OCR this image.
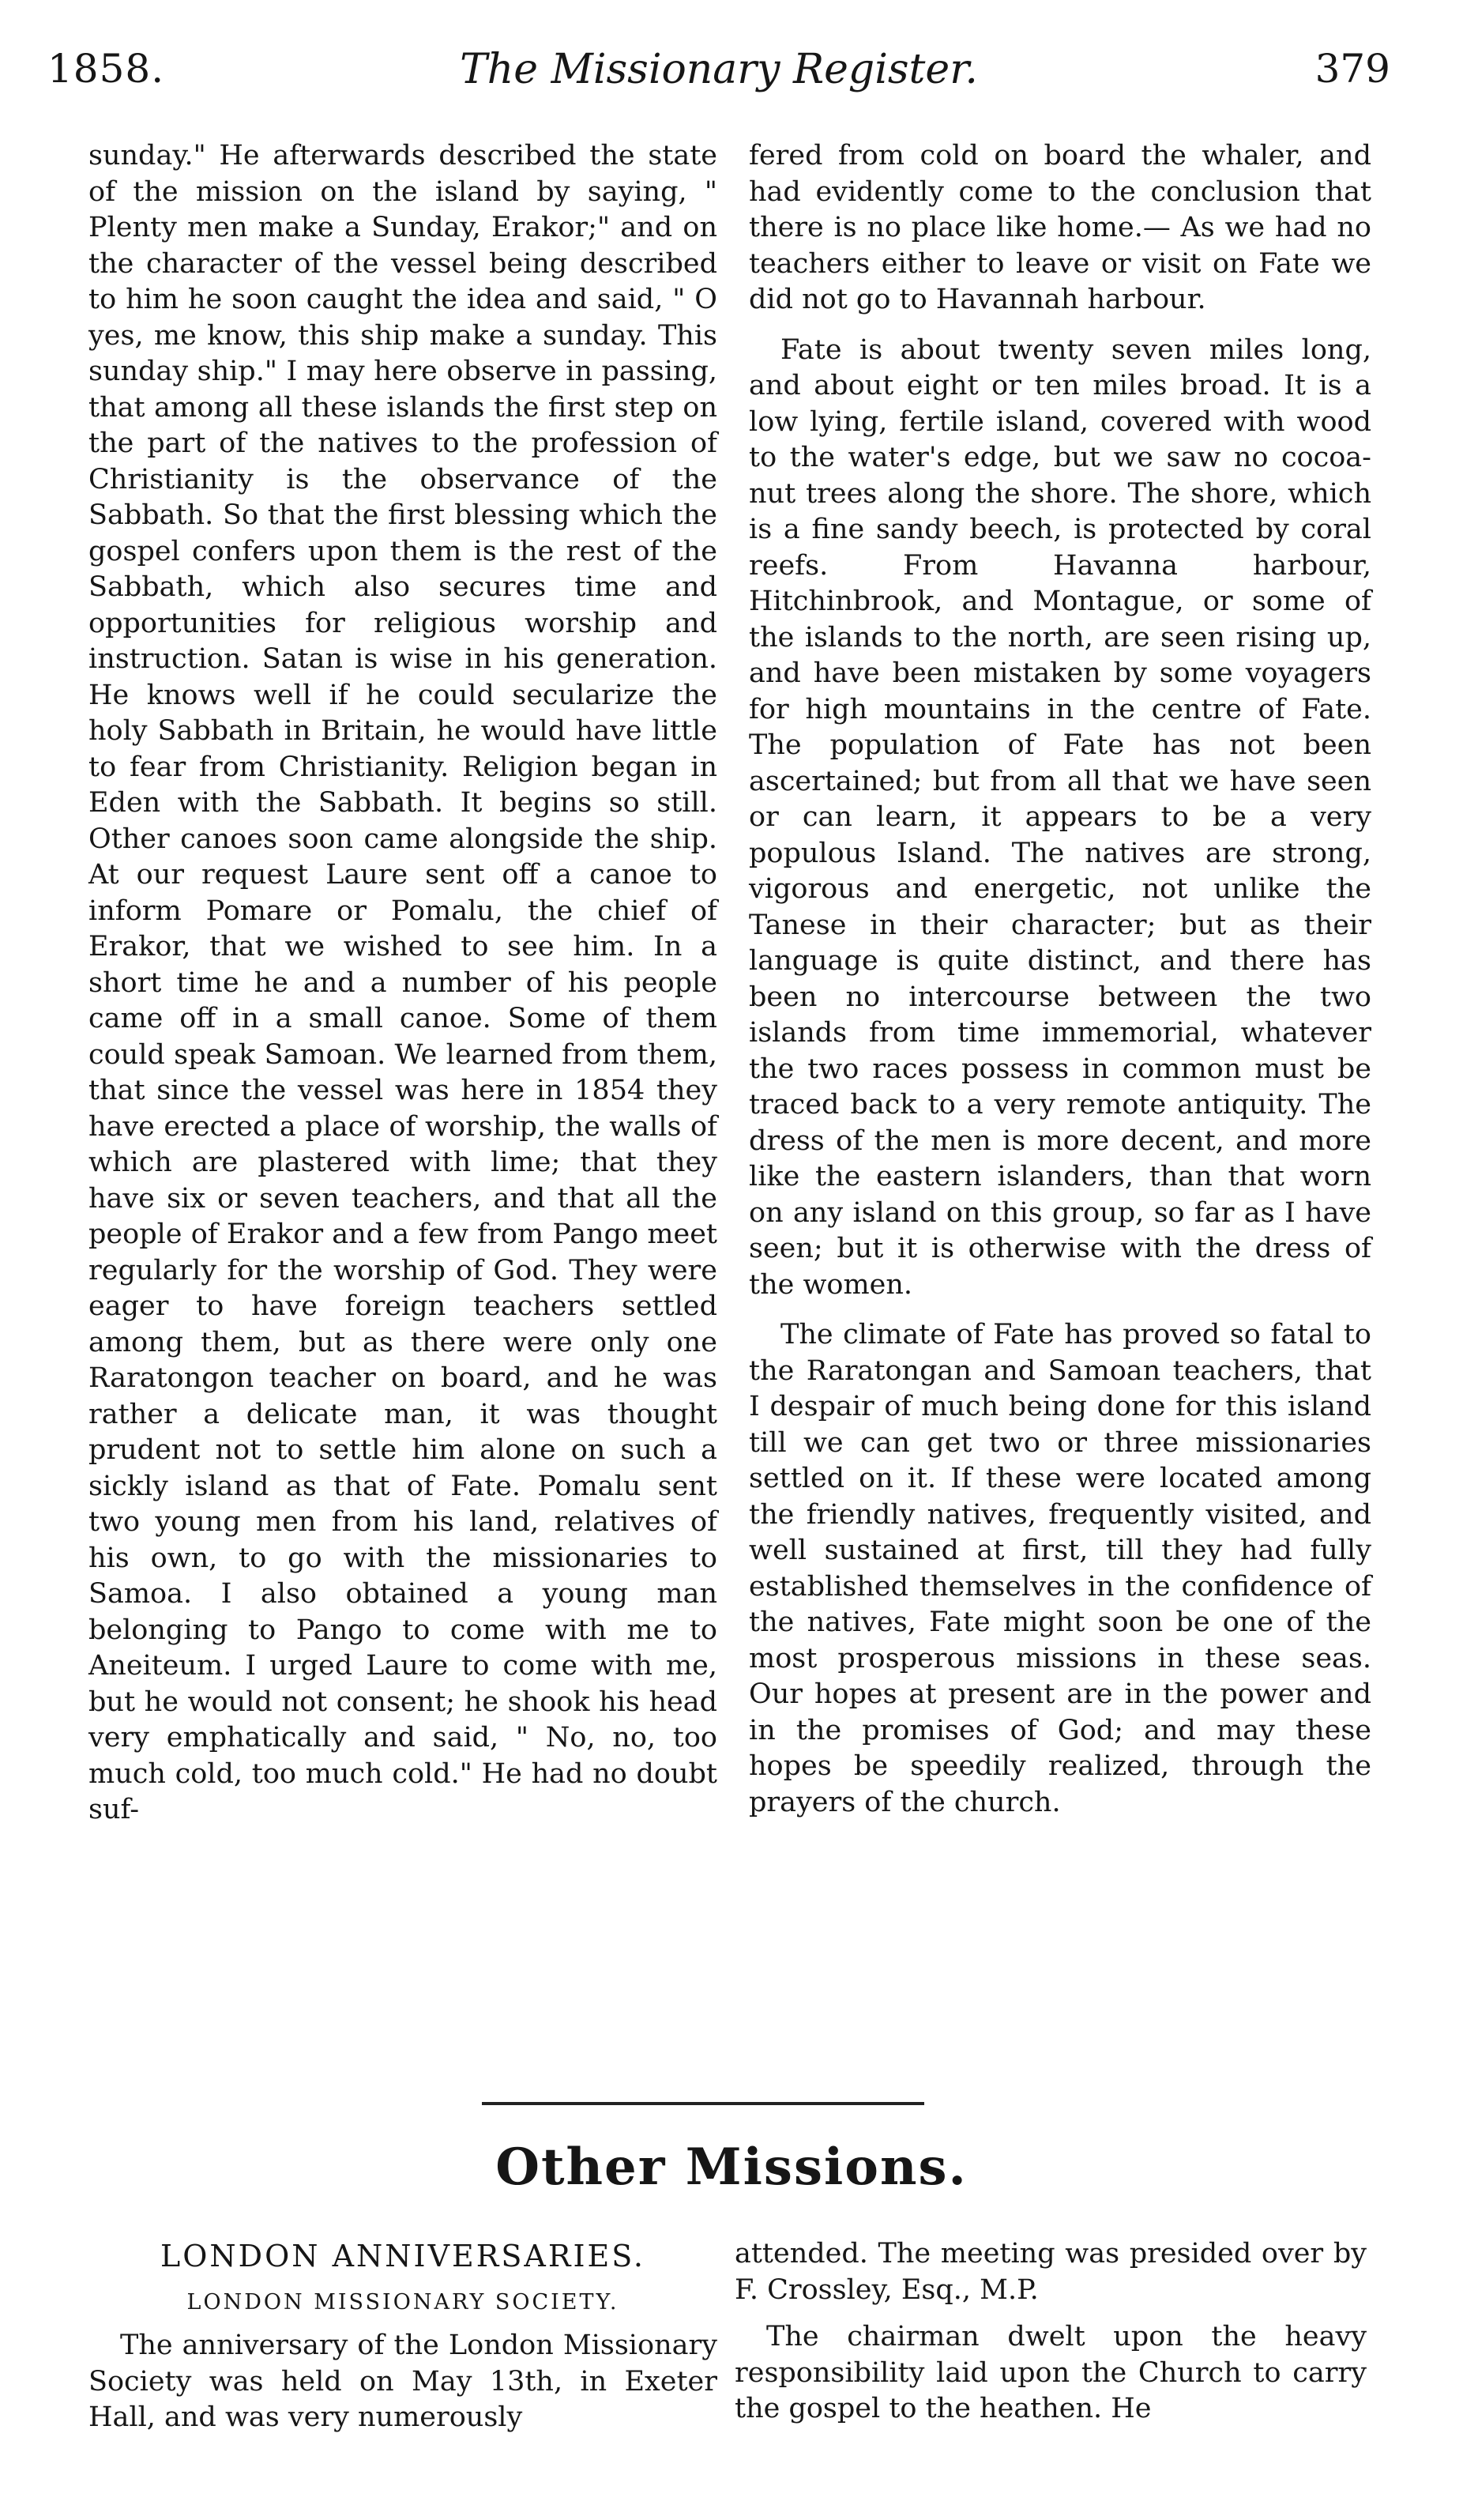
1858.	The Missionary Register.	379

sunday." He afterwards described the state of the mission on the island by saying, " Plenty men make a Sunday, Erakor;" and on the character of the vessel being described to him he soon caught the idea and said, " O yes, me know, this ship make a sunday. This sunday ship." I may here observe in passing, that among all these islands the first step on the part of the natives to the profession of Christianity is the observance of the Sabbath. So that the first blessing which the gospel confers upon them is the rest of the Sabbath, which also secures time and opportunities for religious worship and instruction. Satan is wise in his generation. He knows well if he could secularize the holy Sabbath in Britain, he would have little to fear from Christianity. Religion began in Eden with the Sabbath. It begins so still. Other canoes soon came alongside the ship. At our request Laure sent off a canoe to inform Pomare or Pomalu, the chief of Erakor, that we wished to see him. In a short time he and a number of his people came off in a small canoe. Some of them could speak Samoan. We learned from them, that since the vessel was here in 1854 they have erected a place of worship, the walls of which are plastered with lime; that they have six or seven teachers, and that all the people of Erakor and a few from Pango meet regularly for the worship of God. They were eager to have foreign teachers settled among them, but as there were only one Raratongon teacher on board, and he was rather a delicate man, it was thought prudent not to settle him alone on such a sickly island as that of Fate. Pomalu sent two young men from his land, relatives of his own, to go with the missionaries to Samoa. I also obtained a young man belonging to Pango to come with me to Aneiteum. I urged Laure to come with me, but he would not consent; he shook his head very emphatically and said, " No, no, too much cold, too much cold." He had no doubt suf-

fered from cold on board the whaler, and had evidently come to the conclusion that there is no place like home.— As we had no teachers either to leave or visit on Fate we did not go to Havannah harbour.

Fate is about twenty seven miles long, and about eight or ten miles broad. It is a low lying, fertile island, covered with wood to the water's edge, but we saw no cocoa-nut trees along the shore. The shore, which is a fine sandy beech, is protected by coral reefs. From Havanna harbour, Hitchinbrook, and Montague, or some of the islands to the north, are seen rising up, and have been mistaken by some voyagers for high mountains in the centre of Fate. The population of Fate has not been ascertained; but from all that we have seen or can learn, it appears to be a very populous Island. The natives are strong, vigorous and energetic, not unlike the Tanese in their character; but as their language is quite distinct, and there has been no intercourse between the two islands from time immemorial, whatever the two races possess in common must be traced back to a very remote antiquity. The dress of the men is more decent, and more like the eastern islanders, than that worn on any island on this group, so far as I have seen; but it is otherwise with the dress of the women.

The climate of Fate has proved so fatal to the Raratongan and Samoan teachers, that I despair of much being done for this island till we can get two or three missionaries settled on it. If these were located among the friendly natives, frequently visited, and well sustained at first, till they had fully established themselves in the confidence of the natives, Fate might soon be one of the most prosperous missions in these seas. Our hopes at present are in the power and in the promises of God; and may these hopes be speedily realized, through the prayers of the church.

Other Missions.
LONDON ANNIVERSARIES.
LONDON MISSIONARY SOCIETY.
The anniversary of the London Missionary Society was held on May 13th, in Exeter Hall, and was very numerously

attended. The meeting was presided over by F. Crossley, Esq., M.P.

The chairman dwelt upon the heavy responsibility laid upon the Church to carry the gospel to the heathen. He
